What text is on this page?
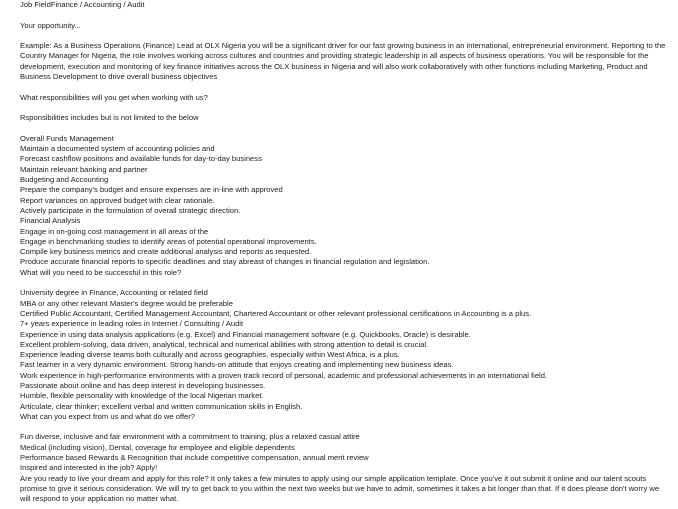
Job FieldFinance / Accounting / Audit
Your opportunity...
Example: As a Business Operations (Finance) Lead at OLX Nigeria you will be a significant driver for our fast growing business in an international, entrepreneurial environment. Reporting to the Country Manager for Nigeria, the role involves working across cultures and countries and providing strategic leadership in all aspects of business operations. You will be responsible for the development, execution and monitoring of key finance initiatives across the OLX business in Nigeria and will also work collaboratively with other functions including Marketing, Product and Business Development to drive overall business objectives
What responsibilities will you get when working with us?
Rsponsibilities includes but is not limited to the below
Overall Funds Management
Maintain a documented system of accounting policies and
Forecast cashflow positions and available funds for day-to-day business
Maintain relevant banking and partner
Budgeting and Accounting
Prepare the company's budget and ensure expenses are in-line with approved
Report variances on approved budget with clear rationale.
Actively participate in the formulation of overall strategic direction.
Financial Analysis
Engage in on-going cost management in all areas of the
Engage in benchmarking studies to identify areas of potential operational improvements.
Compile key business metrics and create additional analysis and reports as requested.
Produce accurate financial reports to specific deadlines and stay abreast of changes in financial regulation and legislation.
What will you need to be successful in this role?
University degree in Finance, Accounting or related field
MBA or any other relevant Master's degree would be preferable
Certified Public Accountant, Certified Management Accountant, Chartered Accountant or other relevant professional certifications in Accounting is a plus.
7+ years experience in leading roles in Internet / Consulting / Audit
Experience in using data analysis applications (e.g. Excel) and Financial management software (e.g. Quickbooks, Oracle) is desirable.
Excellent problem-solving, data driven, analytical, technical and numerical abilities with strong attention to detail is crucial.
Experience leading diverse teams both culturally and across geographies, especially within West Africa, is a plus.
Fast learner in a very dynamic environment. Strong hands-on attitude that enjoys creating and implementing new business ideas.
Work experience in high-performance environments with a proven track record of personal, academic and professional achievements in an international field.
Passionate about online and has deep interest in developing businesses.
Humble, flexible personality with knowledge of the local Nigerian market.
Articulate, clear thinker; excellent verbal and written communication skills in English.
What can you expect from us and what do we offer?
Fun diverse, inclusive and fair environment with a commitment to training, plus a relaxed casual attire
Medical (including vision), Dental, coverage for employee and eligible dependents
Performance based Rewards & Recognition that include competitive compensation, annual merit review
Inspired and interested in the job? Apply!
Are you ready to live your dream and apply for this role? It only takes a few minutes to apply using our simple application template. Once you've it out submit it online and our talent scouts promise to give it serious consideration. We will try to get back to you within the next two weeks but we have to admit, sometimes it takes a bit longer than that. If it does please don't worry we will respond to your application no matter what.
